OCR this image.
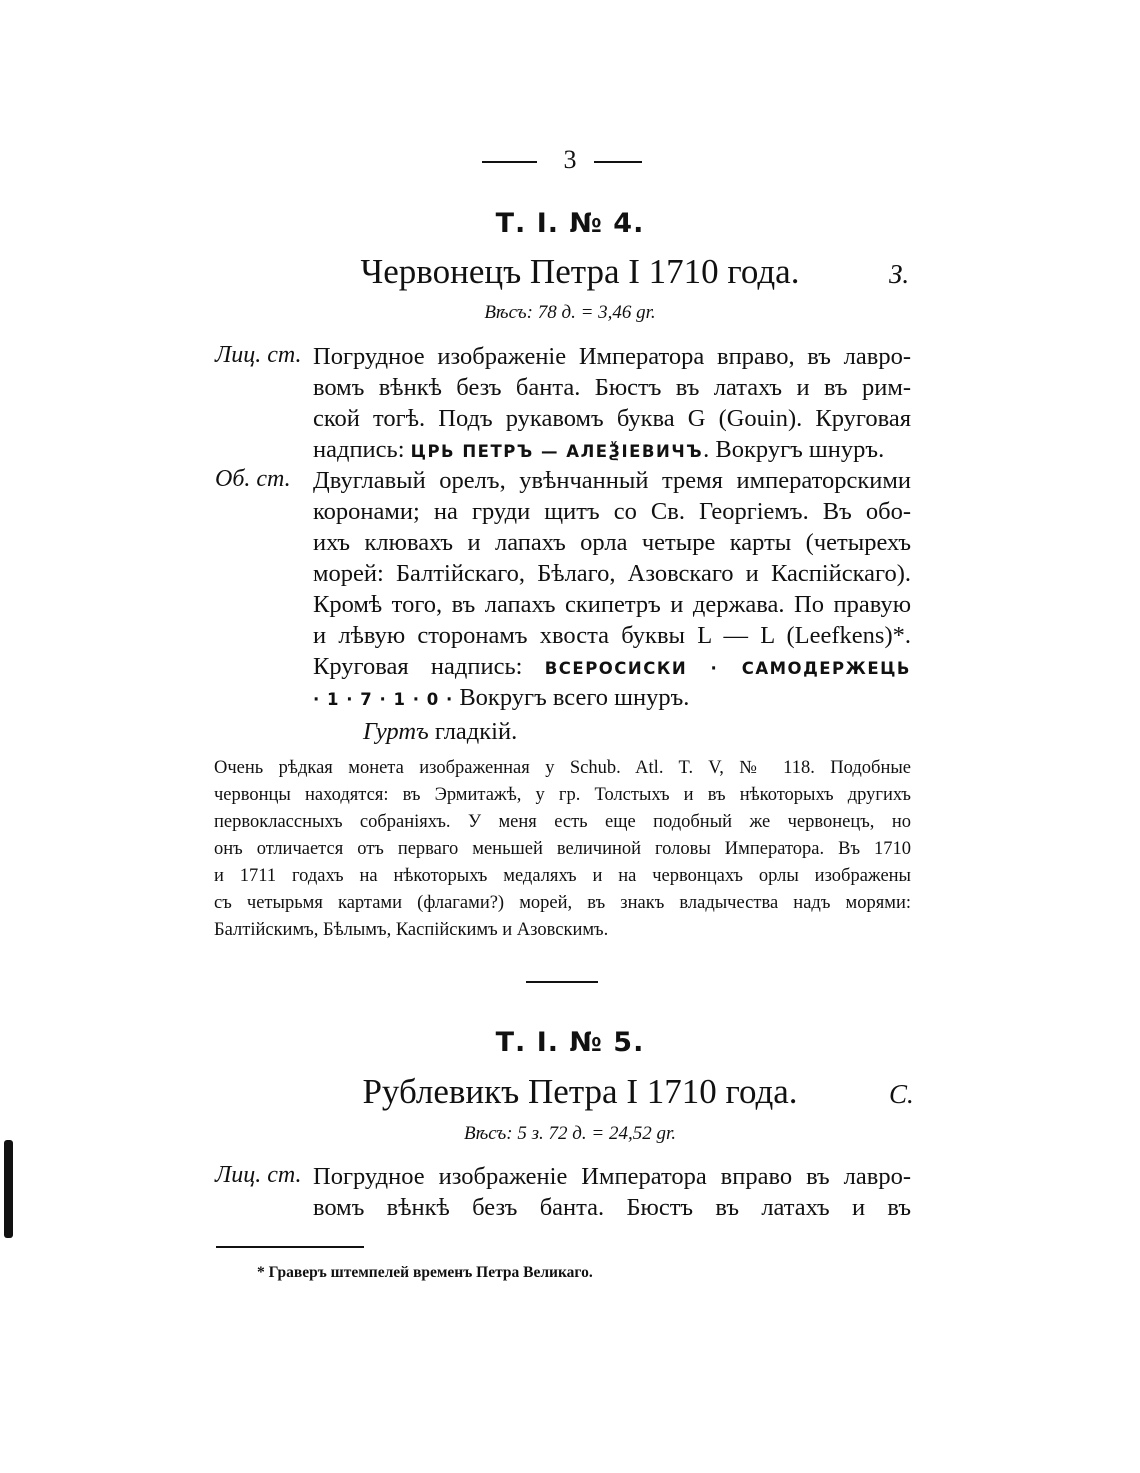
3
Т. I. № 4.
Червонецъ Петра I 1710 года.	З.
Вѣсъ: 78 д. = 3,46 gr.
Лиц. ст. Погрудное изображеніе Императора вправо, въ лавро-
вомъ вѣнкѣ безъ банта. Бюстъ въ латахъ и въ рим-
ской тогѣ. Подъ рукавомъ буква G (Gouin). Круговая
надпись: ЦРЬ ПЕТРЪ — АЛЕѮІЕВИЧЪ. Вокругъ шнуръ.
Об. ст. Двуглавый орелъ, увѣнчанный тремя императорскими
коронами; на груди щитъ со Св. Георгіемъ. Въ обо-
ихъ клювахъ и лапахъ орла четыре карты (четырехъ
морей: Балтійскаго, Бѣлаго, Азовскаго и Каспійскаго).
Кромѣ того, въ лапахъ скипетръ и держава. По правую
и лѣвую сторонамъ хвоста буквы L — L (Leefkens)*.
Круговая надпись: ВСЕРОСИСКИ · САМОДЕРЖЕЦЬ
· 1 · 7 · 1 · 0 · Вокругъ всего шнуръ.
Гуртъ гладкій.
Очень рѣдкая монета изображенная у Schub. Atl. T. V, № 118. Подобные
червонцы находятся: въ Эрмитажѣ, у гр. Толстыхъ и въ нѣкоторыхъ другихъ
первоклассныхъ собраніяхъ. У меня есть еще подобный же червонецъ, но
онъ отличается отъ перваго меньшей величиной головы Императора. Въ 1710
и 1711 годахъ на нѣкоторыхъ медаляхъ и на червонцахъ орлы изображены
съ четырьмя картами (флагами?) морей, въ знакъ владычества надъ морями:
Балтійскимъ, Бѣлымъ, Каспійскимъ и Азовскимъ.
Т. I. № 5.
Рублевикъ Петра I 1710 года.	С.
Вѣсъ: 5 з. 72 д. = 24,52 gr.
Лиц. ст. Погрудное изображеніе Императора вправо въ лавро-
вомъ вѣнкѣ безъ банта. Бюстъ въ латахъ и въ
* Граверъ штемпелей временъ Петра Великаго.
